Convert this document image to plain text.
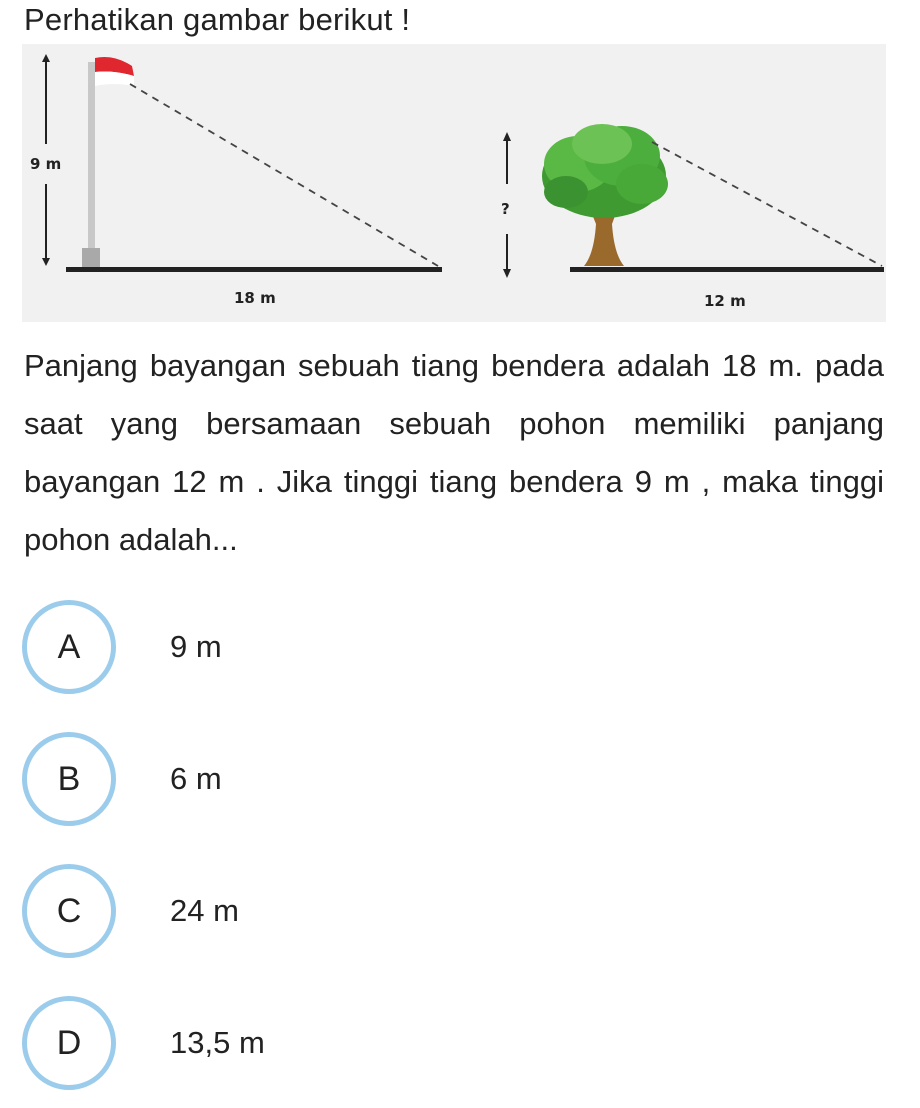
Perhatikan gambar berikut !
9 m
18 m
?
12 m
Panjang bayangan sebuah tiang bendera adalah 18 m. pada saat yang bersamaan sebuah pohon memiliki panjang bayangan 12 m . Jika tinggi tiang bendera 9 m , maka tinggi pohon adalah...
A	9 m
B	6 m
C	24 m
D	13,5 m
